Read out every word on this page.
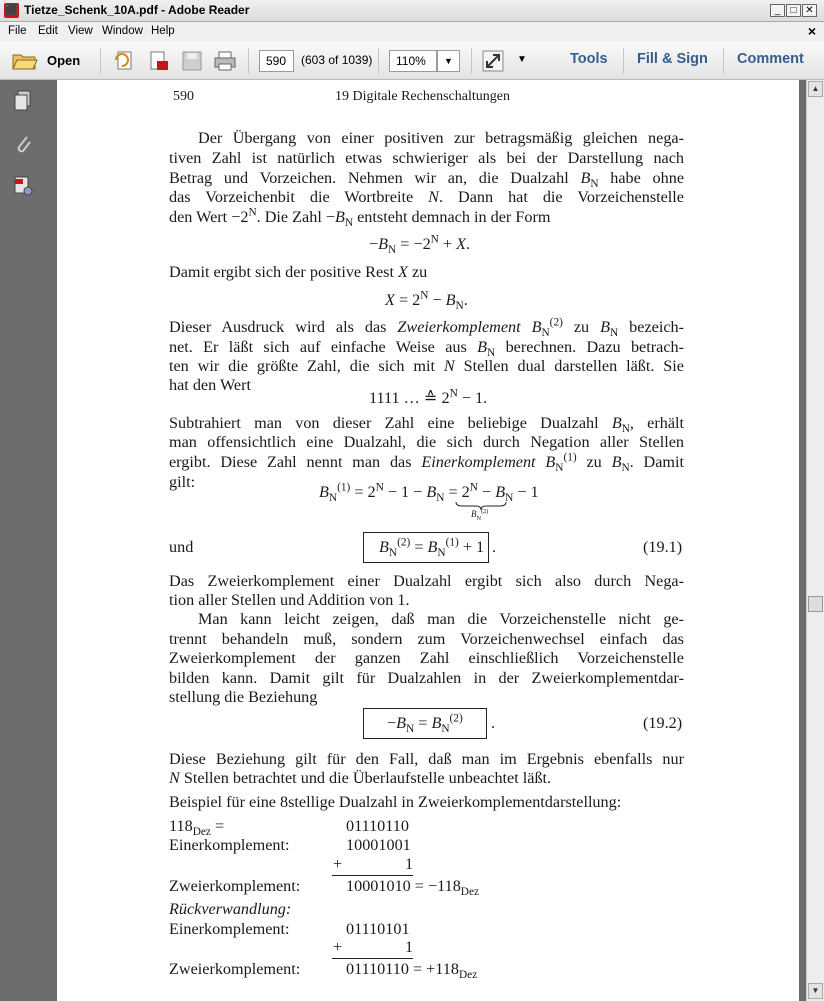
⬛ Tietze_Schenk_10A.pdf - Adobe Reader	_	□ ✕
File Edit View Window Help	×
Open	590	(603 of 1039)	110%	▼	▼	Tools Fill & Sign Comment
590	19 Digitale Rechenschaltungen
Der Übergang von einer positiven zur betragsmäßig gleichen nega-
tiven Zahl ist natürlich etwas schwieriger als bei der Darstellung nach
Betrag und Vorzeichen. Nehmen wir an, die Dualzahl $B_N$ habe ohne
das Vorzeichenbit die Wortbreite N. Dann hat die Vorzeichenstelle
den Wert $-2^N$. Die Zahl $-B_N$ entsteht demnach in der Form
$-B_N = -2^N + X$.
Damit ergibt sich der positive Rest X zu
$X = 2^N - B_N$.
Dieser Ausdruck wird als das Zweierkomplement $B_N^{(2)}$ zu $B_N$ bezeich-
net. Er läßt sich auf einfache Weise aus $B_N$ berechnen. Dazu betrach-
ten wir die größte Zahl, die sich mit N Stellen dual darstellen läßt. Sie
hat den Wert
1111 … ≙ $2^N - 1$.
Subtrahiert man von dieser Zahl eine beliebige Dualzahl $B_N$, erhält
man offensichtlich eine Dualzahl, die sich durch Negation aller Stellen
ergibt. Diese Zahl nennt man das Einerkomplement $B_N^{(1)}$ zu $B_N$. Damit
gilt:
$B_N^{(1)} = 2^N - 1 - B_N = 2^N - B_N - 1$
$B_N^{(2)}$
und	$B_N^{(2)} = B_N^{(1)} + 1$ .	(19.1)
Das Zweierkomplement einer Dualzahl ergibt sich also durch Nega-
tion aller Stellen und Addition von 1.
Man kann leicht zeigen, daß man die Vorzeichenstelle nicht ge-
trennt behandeln muß, sondern zum Vorzeichenwechsel einfach das
Zweierkomplement der ganzen Zahl einschließlich Vorzeichenstelle
bilden kann. Damit gilt für Dualzahlen in der Zweierkomplementdar-
stellung die Beziehung
$-B_N = B_N^{(2)}$ .	(19.2)
Diese Beziehung gilt für den Fall, daß man im Ergebnis ebenfalls nur
N Stellen betrachtet und die Überlaufstelle unbeachtet läßt.
Beispiel für eine 8stellige Dualzahl in Zweierkomplementdarstellung:
$118_{Dez}$ =	01110110
Einerkomplement:	10001001
+	1
Zweierkomplement:	$10001010 = -118_{Dez}$
Rückverwandlung:
Einerkomplement:	01110101
+	1
Zweierkomplement:	$01110110 = +118_{Dez}$
▲
▼
